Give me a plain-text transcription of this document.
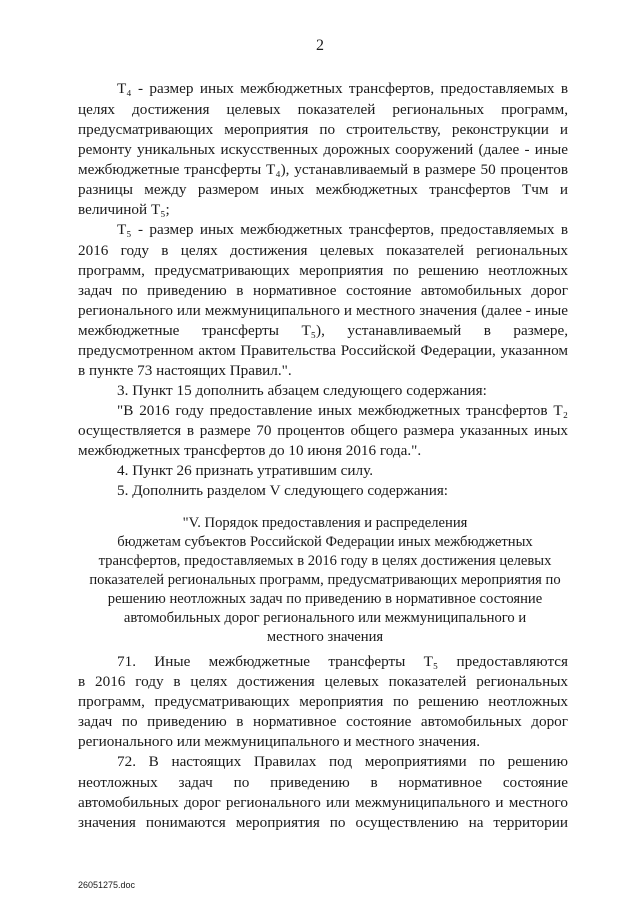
2
Т₄ - размер иных межбюджетных трансфертов, предоставляемых в
целях достижения целевых показателей региональных программ,
предусматривающих мероприятия по строительству, реконструкции и
ремонту уникальных искусственных дорожных сооружений (далее - иные
межбюджетные трансферты Т₄), устанавливаемый в размере 50 процентов
разницы между размером иных межбюджетных трансфертов Тчм и
величиной Т₅;
Т₅ - размер иных межбюджетных трансфертов, предоставляемых в
2016 году в целях достижения целевых показателей региональных
программ, предусматривающих мероприятия по решению неотложных
задач по приведению в нормативное состояние автомобильных дорог
регионального или межмуниципального и местного значения (далее - иные
межбюджетные трансферты Т₅), устанавливаемый в размере,
предусмотренном актом Правительства Российской Федерации, указанном
в пункте 73 настоящих Правил.".
3. Пункт 15 дополнить абзацем следующего содержания:
"В 2016 году предоставление иных межбюджетных трансфертов Т₂
осуществляется в размере 70 процентов общего размера указанных иных
межбюджетных трансфертов до 10 июня 2016 года.".
4. Пункт 26 признать утратившим силу.
5. Дополнить разделом V следующего содержания:
"V. Порядок предоставления и распределения
бюджетам субъектов Российской Федерации иных межбюджетных
трансфертов, предоставляемых в 2016 году в целях достижения целевых
показателей региональных программ, предусматривающих мероприятия по
решению неотложных задач по приведению в нормативное состояние
автомобильных дорог регионального или межмуниципального и
местного значения
71. Иные межбюджетные трансферты Т₅ предоставляются
в 2016 году в целях достижения целевых показателей региональных
программ, предусматривающих мероприятия по решению неотложных
задач по приведению в нормативное состояние автомобильных дорог
регионального или межмуниципального и местного значения.
72. В настоящих Правилах под мероприятиями по решению
неотложных задач по приведению в нормативное состояние
автомобильных дорог регионального или межмуниципального и местного
значения понимаются мероприятия по осуществлению на территории
26051275.doc
